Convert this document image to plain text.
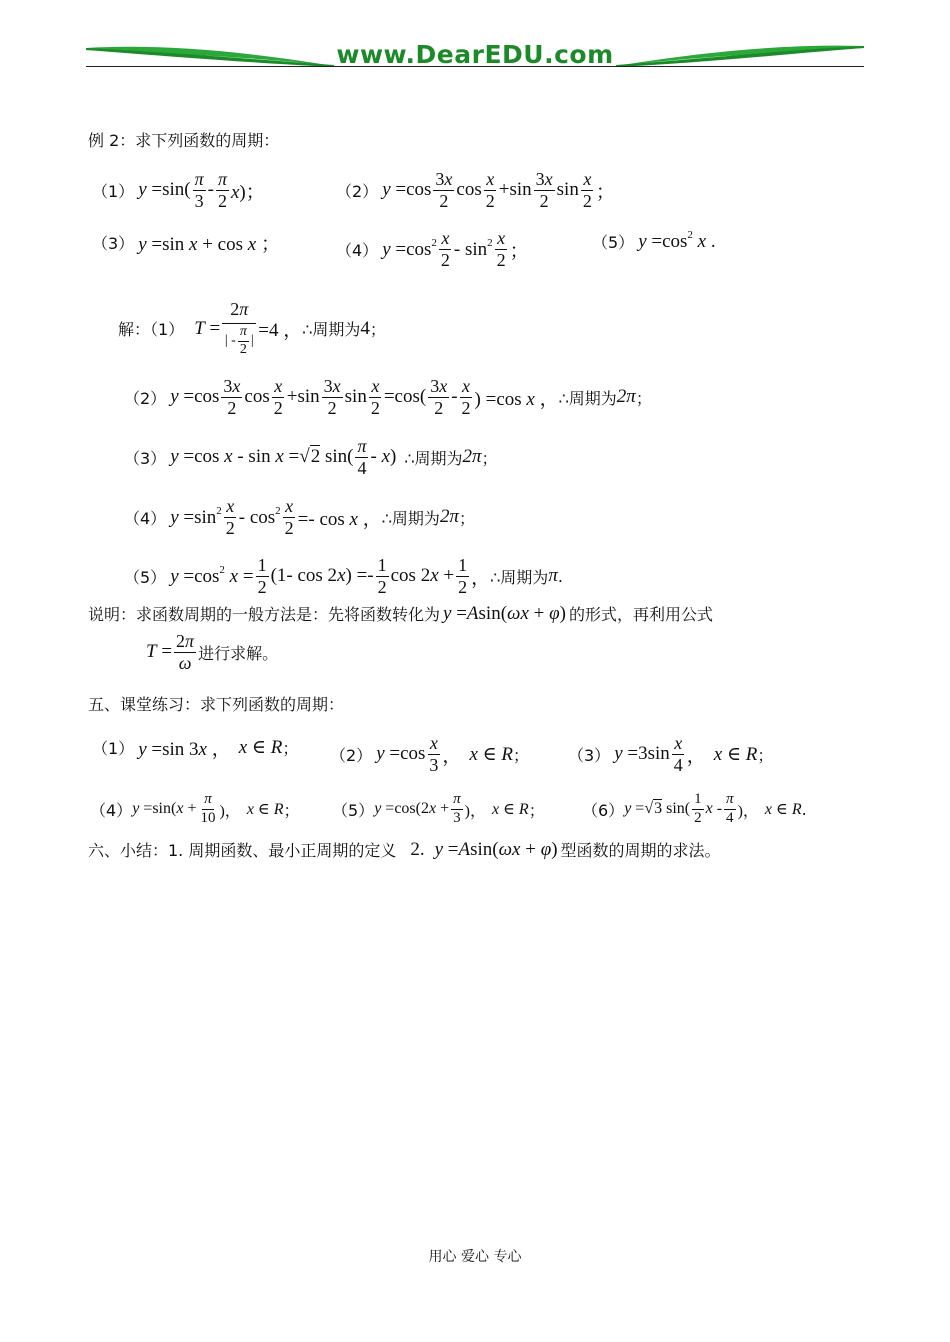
www.DearEDU.com
例 2：求下列函数的周期：
（1） $y =\sin( \frac{\pi}{3} - \frac{\pi}{2} x)$；	（2） $y =\cos \frac{3x}{2}$ $\cos \frac{x}{2} +\sin \frac{3x}{2}$ $\sin \frac{x}{2}$ ；
（3） y =sin x + cos x ；	（4） $y =\cos^2 \frac{x}{2} - \sin^2 \frac{x}{2}$ ；	（5） $y =\cos^2$ x .
解：（1） $T = \frac{2\pi}{| - \frac{\pi}{2} |} =4$ ， ∴周期为 4 ；
（2） $y =\cos \frac{3x}{2}$ $\cos \frac{x}{2} +\sin \frac{3x}{2}$ $\sin \frac{x}{2} =\cos( \frac{3x}{2} - \frac{x}{2}$ ) =cos x ， ∴周期为 2π ；
（3） y =cos x - sin x =√2 $\sin( \frac{\pi}{4} - x)$ ∴周期为 2π ；
（4） $y =\sin^2 \frac{x}{2} - \cos^2 \frac{x}{2} =- \cos x$ ， ∴周期为 2π ；
（5） $y =\cos^2$ $x = \frac{1}{2} (1-$ $\cos 2x) =- \frac{1}{2}$ $\cos 2x + \frac{1}{2}$ ， ∴周期为 π .
说明：求函数周期的一般方法是：先将函数转化为 y =Asin(ωx + φ) 的形式，再利用公式
$T = \frac{2\pi}{\omega}$ 进行求解。
五、课堂练习：求下列函数的周期：
（1） y =sin 3x ， x ∈ R ； （2） $y =\cos \frac{x}{3}$ ， x ∈ R ； （3） $y =3\sin \frac{x}{4}$ ， x ∈ R ；
（4） $y =\sin(x + \frac{\pi}{10}$ )， x ∈ R ； （5） $y =\cos(2x + \frac{\pi}{3}$ )， x ∈ R ； （6） y =√3 $\sin( \frac{1}{2}$ x - $\frac{\pi}{4}$ )， x ∈ R .
六、小结：1. 周期函数、最小正周期的定义 2. y =Asin(ωx + φ) 型函数的周期的求法。
用心 爱心 专心
